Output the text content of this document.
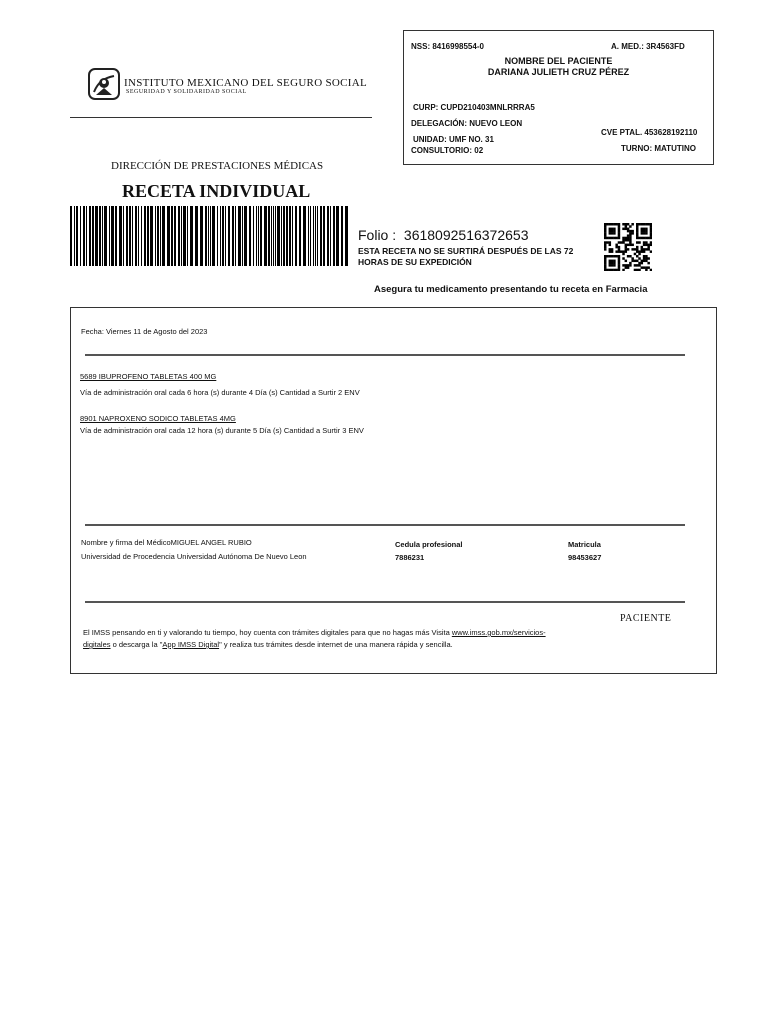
NSS: 8416998554-0	A. MED.: 3R4563FD
NOMBRE DEL PACIENTE
DARIANA JULIETH CRUZ PÉREZ
CURP: CUPD210403MNLRRRA5
DELEGACIÓN: NUEVO LEON
UNIDAD: UMF NO. 31
CVE PTAL. 453628192110
CONSULTORIO: 02	TURNO: MATUTINO
INSTITUTO MEXICANO DEL SEGURO SOCIAL
SEGURIDAD Y SOLIDARIDAD SOCIAL
DIRECCIÓN DE PRESTACIONES MÉDICAS
RECETA INDIVIDUAL
Folio : 3618092516372653
ESTA RECETA NO SE SURTIRÁ DESPUÉS DE LAS 72
HORAS DE SU EXPEDICIÓN
Asegura tu medicamento presentando tu receta en Farmacia
Fecha: Viernes 11 de Agosto del 2023
5689 IBUPROFENO TABLETAS 400 MG
Vía de administración oral cada 6 hora (s) durante 4 Día (s) Cantidad a Surtir 2 ENV
8901 NAPROXENO SODICO TABLETAS 4MG
Vía de administración oral cada 12 hora (s) durante 5 Día (s) Cantidad a Surtir 3 ENV
Nombre y firma del MédicoMIGUEL ANGEL RUBIO
Universidad de Procedencia Universidad Autónoma De Nuevo Leon
Cedula profesional
7886231
Matricula
98453627
PACIENTE
El IMSS pensando en ti y valorando tu tiempo, hoy cuenta con trámites digitales para que no hagas más Visita www.imss.gob.mx/servicios-
digitales o descarga la "App IMSS Digital" y realiza tus trámites desde internet de una manera rápida y sencilla.
